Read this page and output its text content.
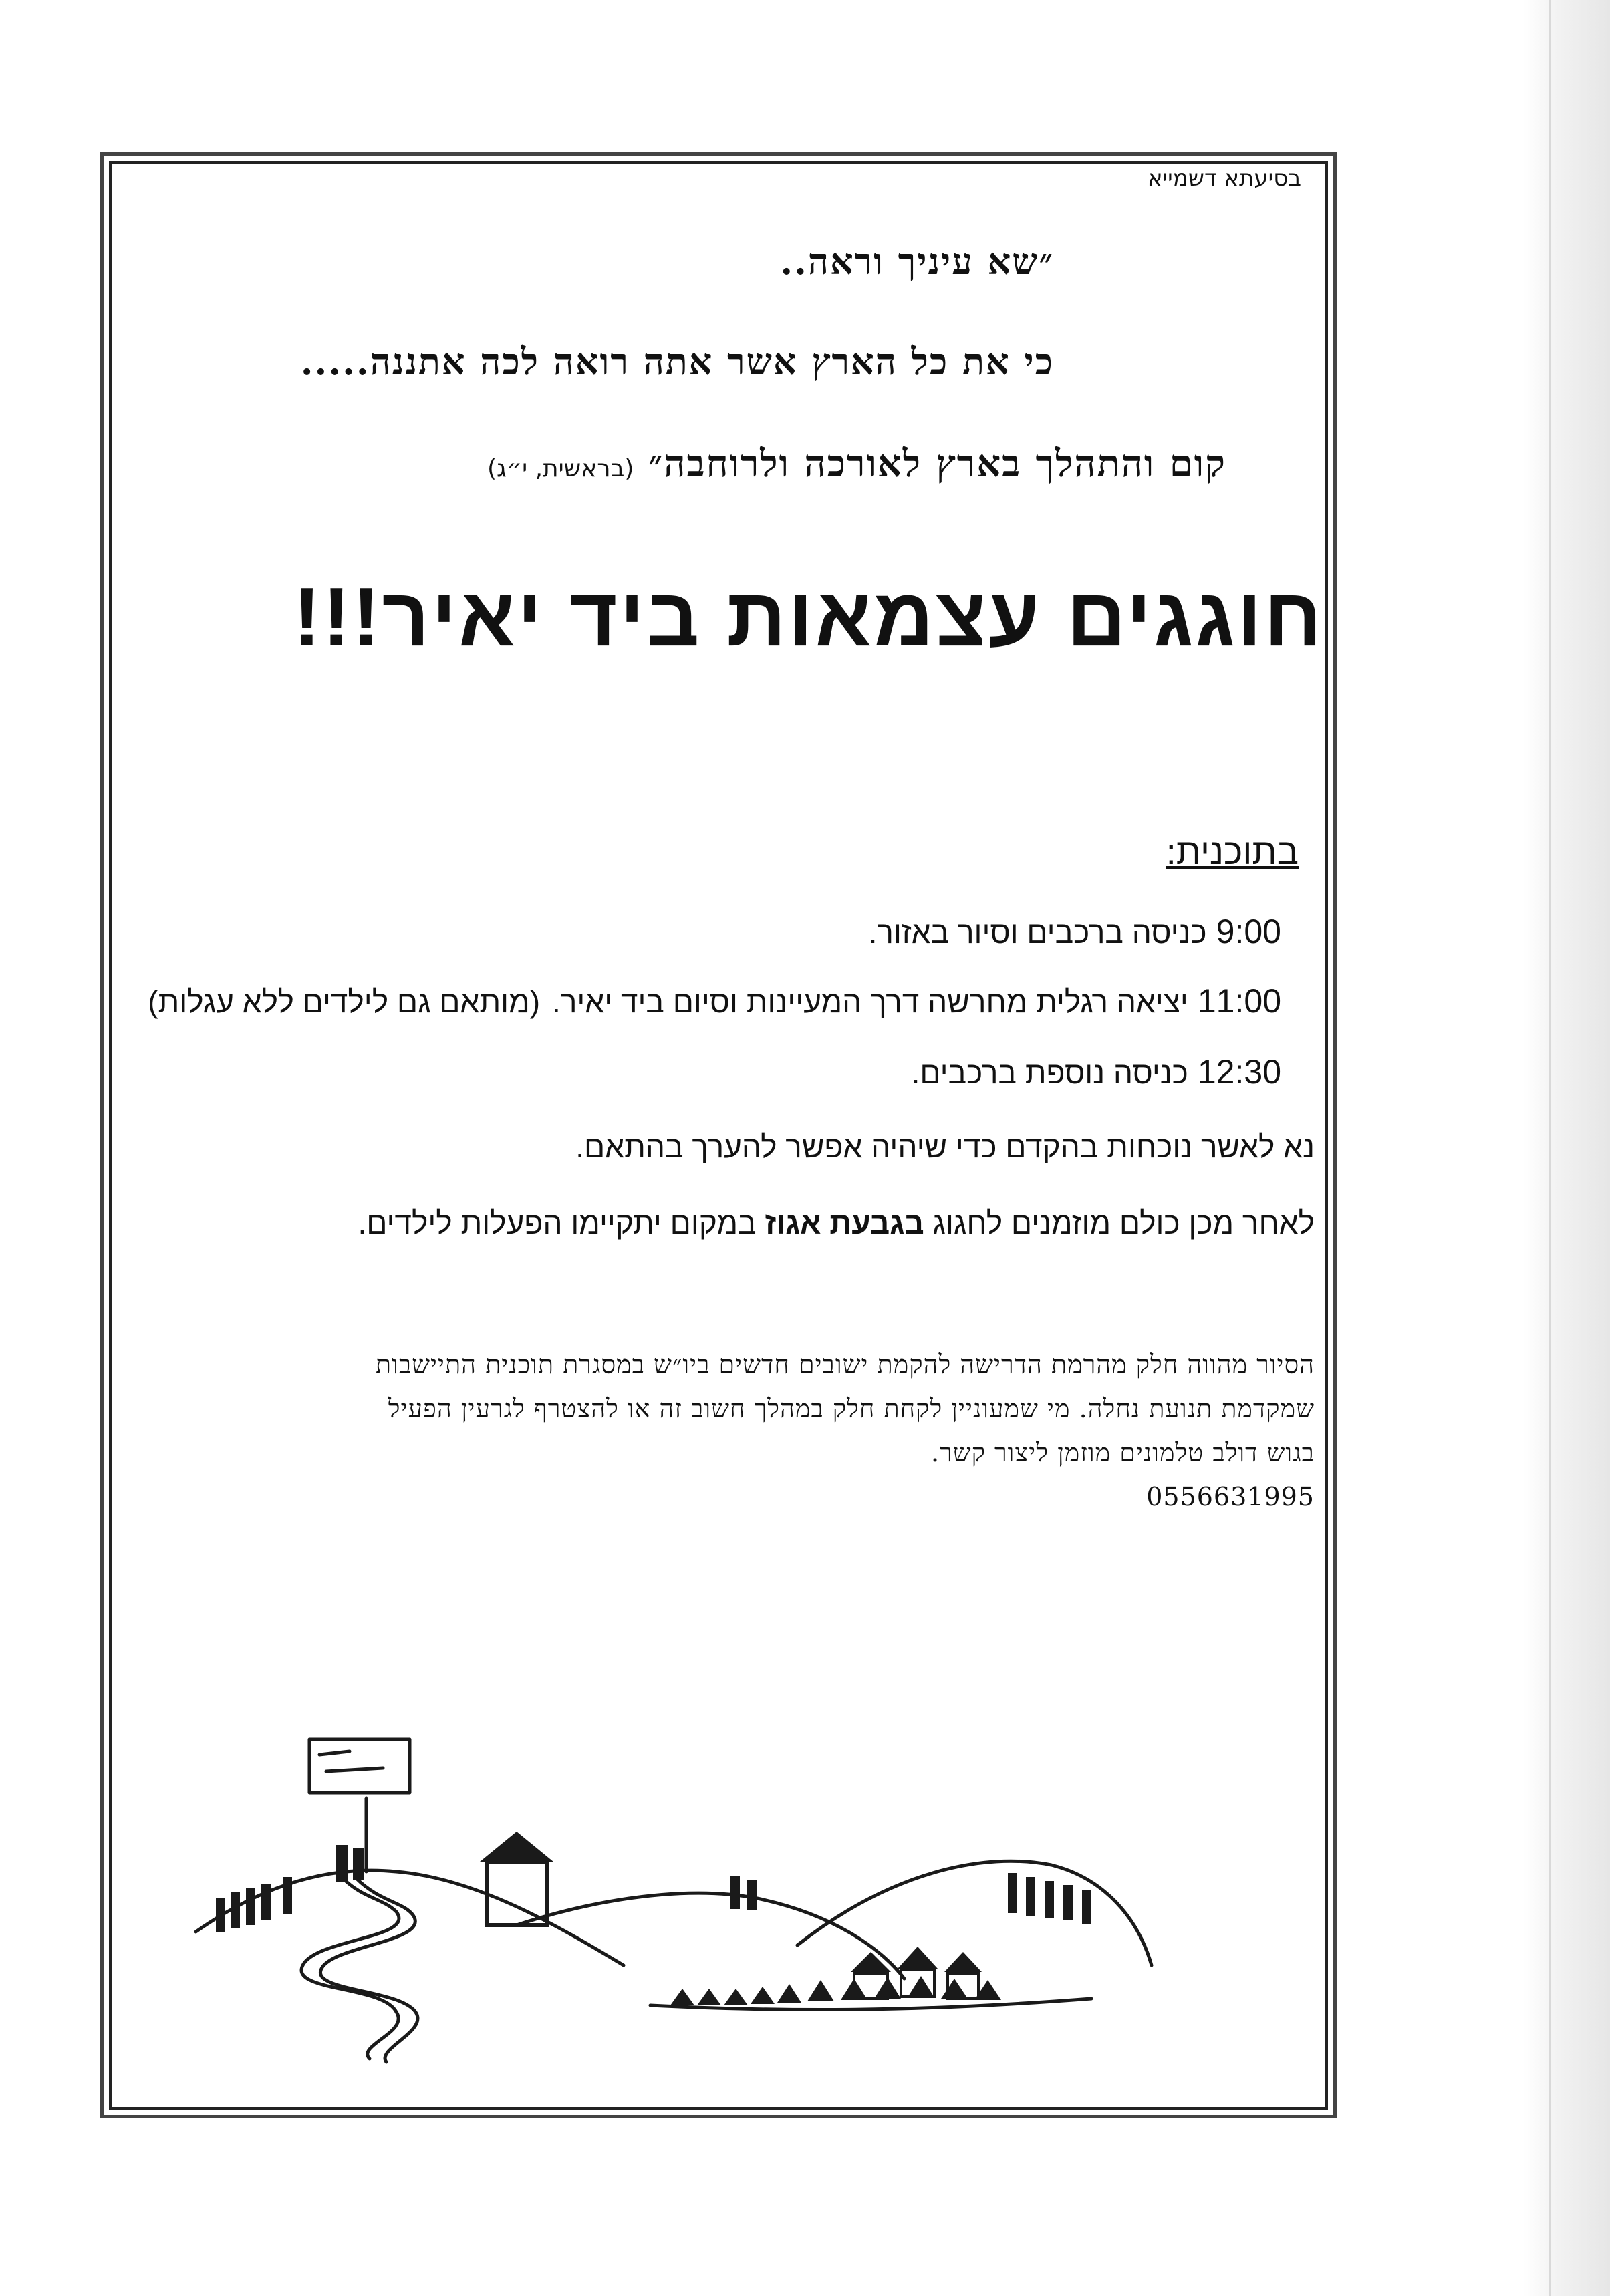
בסיעתא דשמייא
״שא עיניך וראה..
כי את כל הארץ אשר אתה רואה לכה אתננה.....
קום והתהלך בארץ לאורכה ולרוחבה״ (בראשית, י״ג)
חוגגים עצמאות ביד יאיר!!!
בתוכנית:
9:00כניסה ברכבים וסיור באזור.
11:00יציאה רגלית מחרשה דרך המעיינות וסיום ביד יאיר.(מותאם גם לילדים ללא עגלות)
12:30כניסה נוספת ברכבים.
נא לאשר נוכחות בהקדם כדי שיהיה אפשר להערך בהתאם.
לאחר מכן כולם מוזמנים לחגוג בגבעת אגוז במקום יתקיימו הפעלות לילדים.
הסיור מהווה חלק מהרמת הדרישה להקמת ישובים חדשים ביו״ש במסגרת תוכנית התיישבות
שמקדמת תנועת נחלה. מי שמעוניין לקחת חלק במהלך חשוב זה או להצטרף לגרעין הפעיל
בגוש דולב טלמונים מוזמן ליצור קשר.
0556631995
